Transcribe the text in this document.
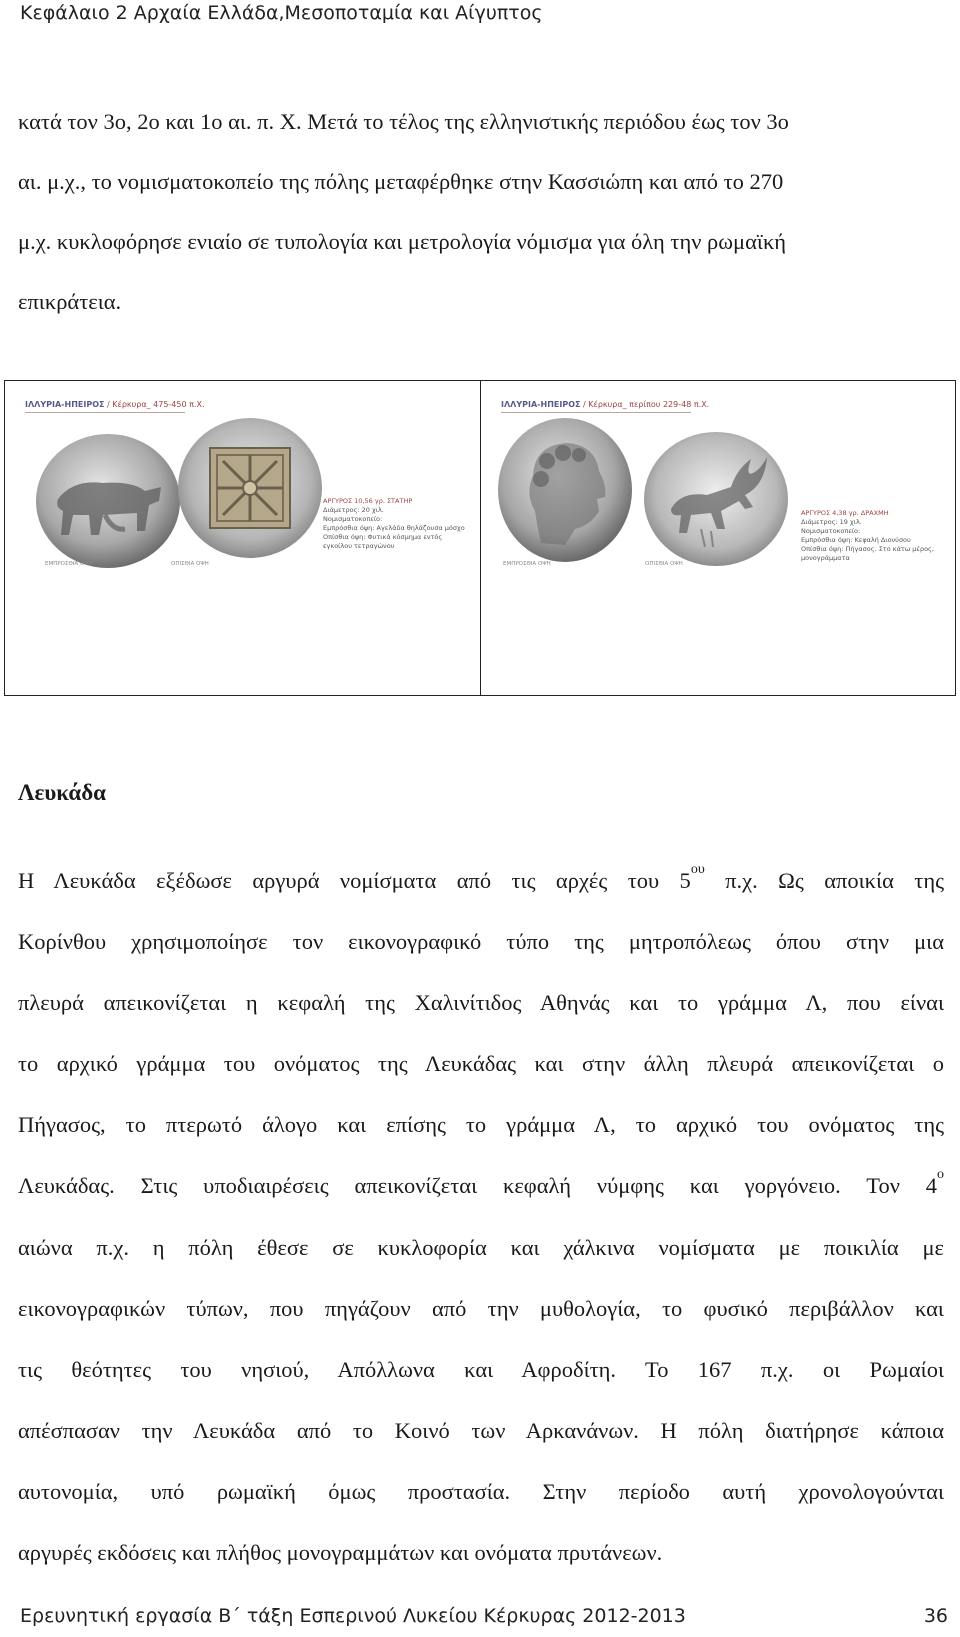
Κεφάλαιο 2 Αρχαία Ελλάδα,Μεσοποταμία και Αίγυπτος
κατά τον 3ο, 2ο και 1ο αι. π. Χ. Μετά το τέλος της ελληνιστικής περιόδου έως τον 3ο
αι. μ.χ., το νομισματοκοπείο της πόλης μεταφέρθηκε στην Κασσιώπη και από το 270
μ.χ. κυκλοφόρησε ενιαίο σε τυπολογία και μετρολογία νόμισμα για όλη την ρωμαϊκή
επικράτεια.
ΙΛΛΥΡΙΑ-ΗΠΕΙΡΟΣ / Κέρκυρα_ 475-450 π.Χ.
ΕΜΠΡΟΣΘΙΑ ΟΨΗ	ΟΠΙΣΘΙΑ ΟΨΗ
ΑΡΓΥΡΟΣ 10,56 γρ. ΣΤΑΤΗΡ
Διάμετρος: 20 χιλ.
Νομισματοκοπείο:
Εμπρόσθια όψη: Αγελάδα θηλάζουσα μόσχο
Οπίσθια όψη: Φυτικά κόσμημα εντός
εγκοίλου τετραγώνου
ΙΛΛΥΡΙΑ-ΗΠΕΙΡΟΣ / Κέρκυρα_ περίπου 229-48 π.Χ.
ΕΜΠΡΟΣΘΙΑ ΟΨΗ	ΟΠΙΣΘΙΑ ΟΨΗ
ΑΡΓΥΡΟΣ 4,38 γρ. ΔΡΑΧΜΗ
Διάμετρος: 19 χιλ.
Νομισματοκοπείο:
Εμπρόσθια όψη: Κεφαλή Διονύσου
Οπίσθια όψη: Πήγασος. Στο κάτω μέρος,
μονογράμματα
Λευκάδα
Η Λευκάδα εξέδωσε αργυρά νομίσματα από τις αρχές του $5^{o\upsilon}$ π.χ. Ως αποικία της
Κορίνθου χρησιμοποίησε τον εικονογραφικό τύπο της μητροπόλεως όπου στην μια
πλευρά απεικονίζεται η κεφαλή της Χαλινίτιδος Αθηνάς και το γράμμα Λ, που είναι
το αρχικό γράμμα του ονόματος της Λευκάδας και στην άλλη πλευρά απεικονίζεται ο
Πήγασος, το πτερωτό άλογο και επίσης το γράμμα Λ, το αρχικό του ονόματος της
Λευκάδας. Στις υποδιαιρέσεις απεικονίζεται κεφαλή νύμφης και γοργόνειο. Τον $4^o$
αιώνα π.χ. η πόλη έθεσε σε κυκλοφορία και χάλκινα νομίσματα με ποικιλία με
εικονογραφικών τύπων, που πηγάζουν από την μυθολογία, το φυσικό περιβάλλον και
τις θεότητες του νησιού, Απόλλωνα και Αφροδίτη. Το 167 π.χ. οι Ρωμαίοι
απέσπασαν την Λευκάδα από το Κοινό των Αρκανάνων. Η πόλη διατήρησε κάποια
αυτονομία, υπό ρωμαϊκή όμως προστασία. Στην περίοδο αυτή χρονολογούνται
αργυρές εκδόσεις και πλήθος μονογραμμάτων και ονόματα πρυτάνεων.
Ερευνητική εργασία Β΄ τάξη Εσπερινού Λυκείου Κέρκυρας 2012-2013	36
